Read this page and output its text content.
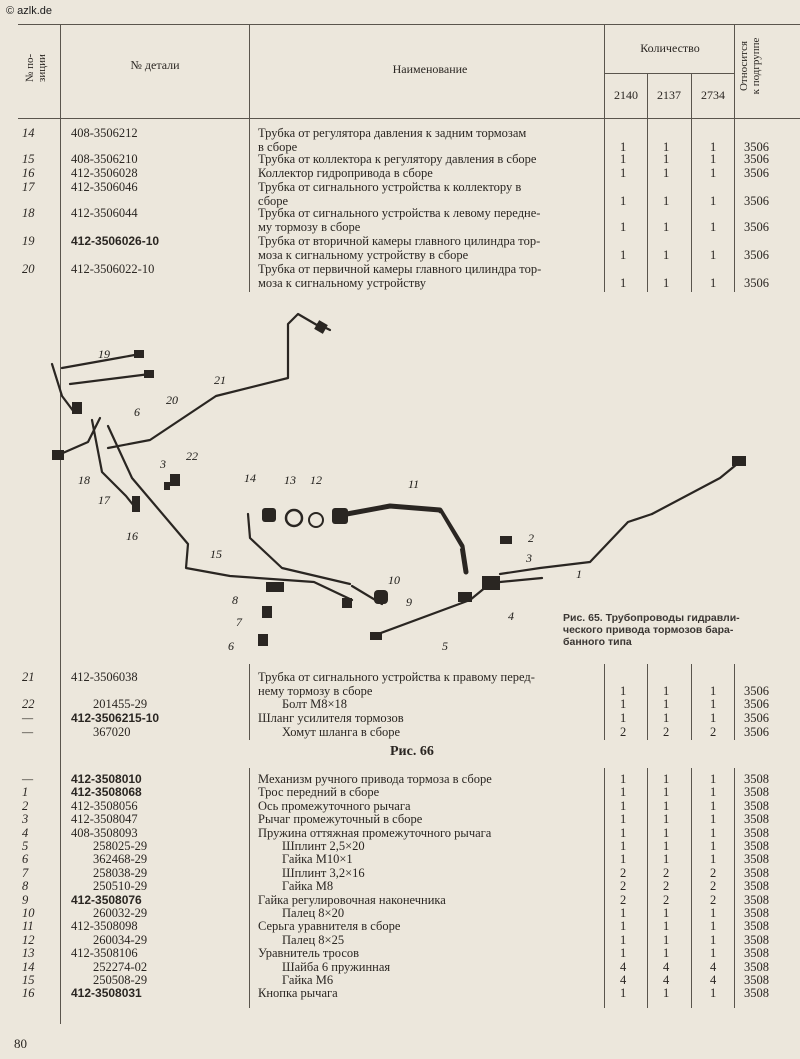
© azlk.de
№ по-
зиции	№ детали	Наименование
Количество
2140	2137	2734
Относится
к подгруппе
14	408-3506212	Трубка от регулятора давления к задним тормозам
в сборе	1	1	1 3506
15	408-3506210	Трубка от коллектора к регулятору давления в сборе	1	1	1 3506
16	412-3506028	Коллектор гидропривода в сборе	1	1	1 3506
17	412-3506046	Трубка от сигнального устройства к коллектору в
сборе	1	1	1 3506
18	412-3506044	Трубка от сигнального устройства к левому передне-
му тормозу в сборе	1	1	1 3506
19	412-3506026-10	Трубка от вторичной камеры главного цилиндра тор-
моза к сигнальному устройству в сборе	1	1	1 3506
20	412-3506022-10	Трубка от первичной камеры главного цилиндра тор-
моза к сигнальному устройству	1	1	1 3506
1
2
3
4
5
6
7
8	9
10
11
12
13
14
15
16
17
18
19
20
21
22
3
6
Рис. 65. Трубопроводы гидравли-
ческого привода тормозов бара-
банного типа
21	412-3506038	Трубка от сигнального устройства к правому перед-
нему тормозу в сборе	1	1	1 3506
22	201455-29	Болт М8×18	1	1	1 3506
—	412-3506215-10	Шланг усилителя тормозов	1	1	1 3506
—	367020	Хомут шланга в сборе	2	2	2 3506
Рис. 66
—	412-3508010	Механизм ручного привода тормоза в сборе	1	1	1 3508
1	412-3508068	Трос передний в сборе	1	1	1 3508
2	412-3508056	Ось промежуточного рычага	1	1	1 3508
3	412-3508047	Рычаг промежуточный в сборе	1	1	1 3508
4	408-3508093	Пружина оттяжная промежуточного рычага	1	1	1 3508
5	258025-29	Шплинт 2,5×20	1	1	1 3508
6	362468-29	Гайка М10×1	1	1	1 3508
7	258038-29	Шплинт 3,2×16	2	2	2 3508
8	250510-29	Гайка М8	2	2	2 3508
9	412-3508076	Гайка регулировочная наконечника	2	2	2 3508
10	260032-29	Палец 8×20	1	1	1 3508
11	412-3508098	Серьга уравнителя в сборе	1	1	1 3508
12	260034-29	Палец 8×25	1	1	1 3508
13	412-3508106	Уравнитель тросов	1	1	1 3508
14	252274-02	Шайба 6 пружинная	4	4	4 3508
15	250508-29	Гайка М6	4	4	4 3508
16	412-3508031	Кнопка рычага	1	1	1 3508
80
